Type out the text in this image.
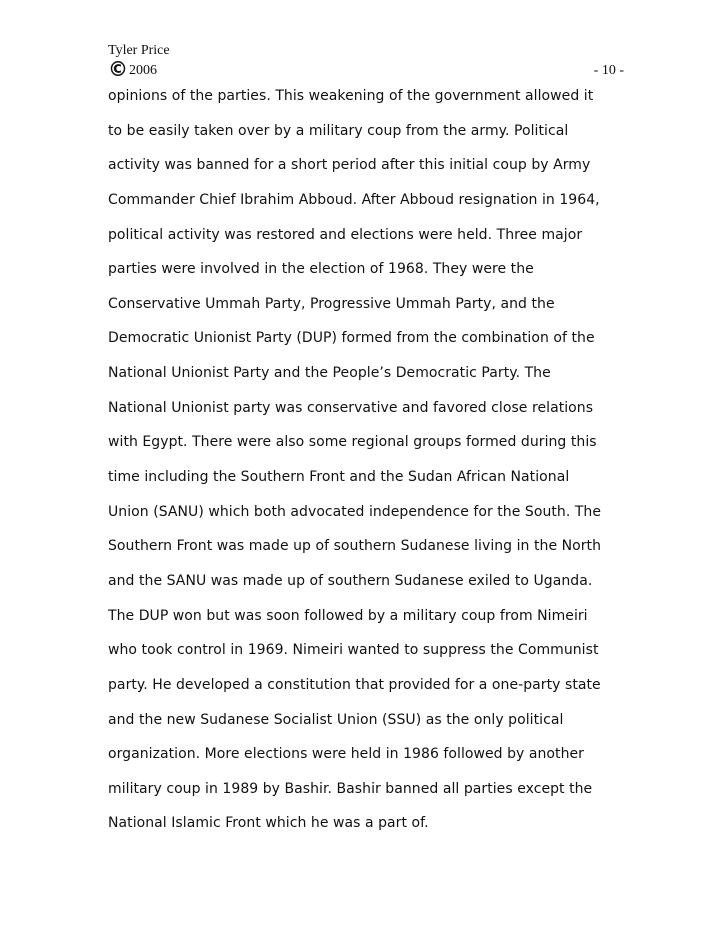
Tyler Price
©2006	- 10 -
opinions of the parties. This weakening of the government allowed it
to be easily taken over by a military coup from the army. Political
activity was banned for a short period after this initial coup by Army
Commander Chief Ibrahim Abboud. After Abboud resignation in 1964,
political activity was restored and elections were held. Three major
parties were involved in the election of 1968. They were the
Conservative Ummah Party, Progressive Ummah Party, and the
Democratic Unionist Party (DUP) formed from the combination of the
National Unionist Party and the People’s Democratic Party. The
National Unionist party was conservative and favored close relations
with Egypt. There were also some regional groups formed during this
time including the Southern Front and the Sudan African National
Union (SANU) which both advocated independence for the South. The
Southern Front was made up of southern Sudanese living in the North
and the SANU was made up of southern Sudanese exiled to Uganda.
The DUP won but was soon followed by a military coup from Nimeiri
who took control in 1969. Nimeiri wanted to suppress the Communist
party. He developed a constitution that provided for a one-party state
and the new Sudanese Socialist Union (SSU) as the only political
organization. More elections were held in 1986 followed by another
military coup in 1989 by Bashir. Bashir banned all parties except the
National Islamic Front which he was a part of.
